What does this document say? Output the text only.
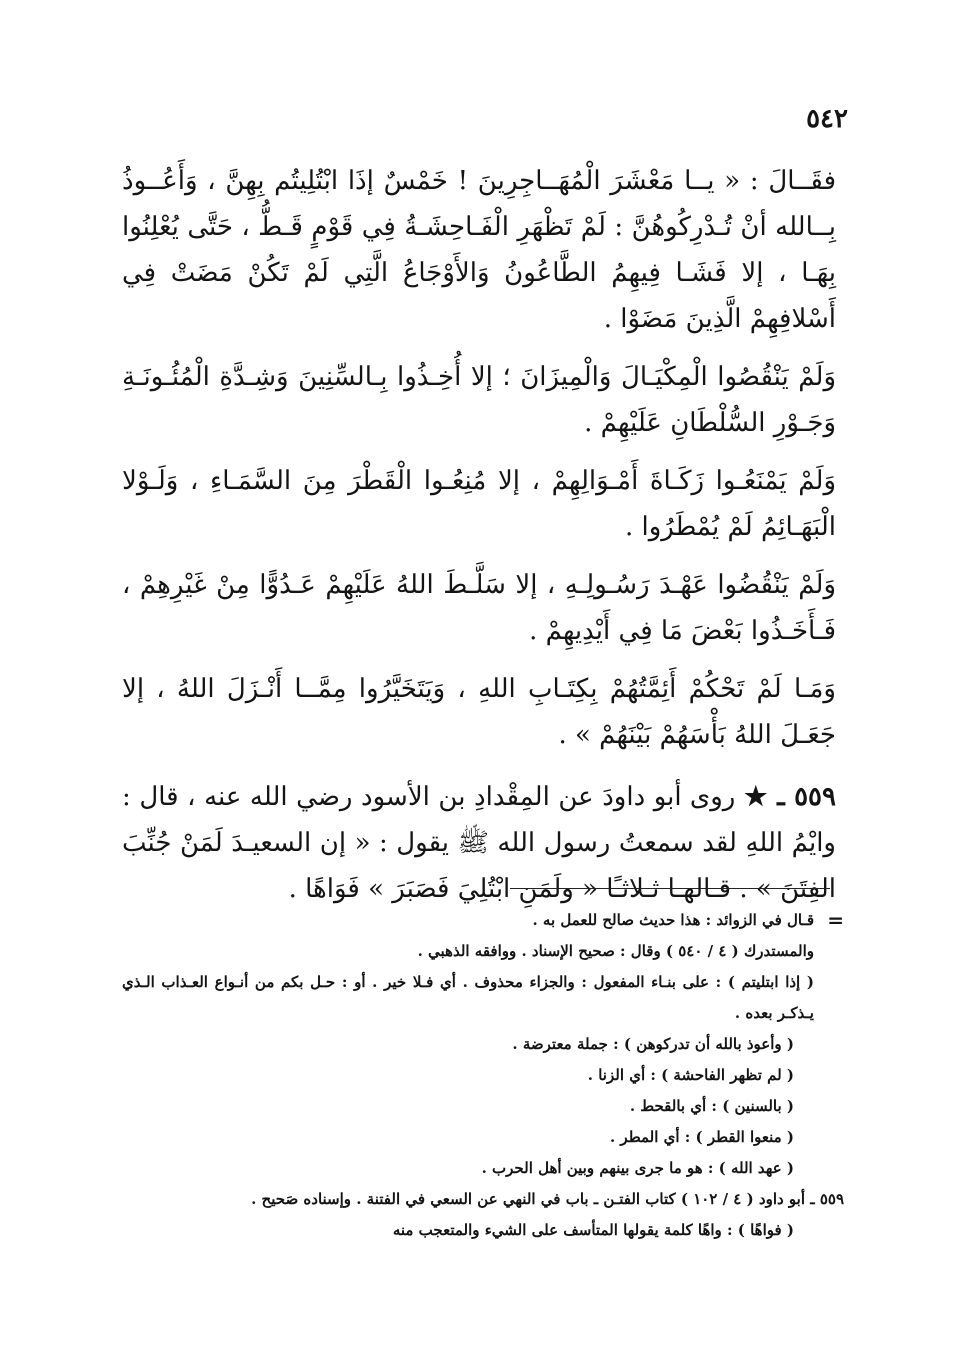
٥٤٢

فقَــالَ : « يــا مَعْشَرَ الْمُهَــاجِرِينَ ! خَمْسٌ إذَا ابْتُلِيتُم بِهِنَّ ، وَأَعُــوذُ بِــالله أنْ تُـدْرِكُوهُنَّ : لَمْ تَظْهَرِ الْفَـاحِشَـةُ فِي قَوْمٍ قَـطُّ ، حَتَّى يُعْلِنُوا بِهَـا ، إلا فَشَـا فِيهِمُ الطَّاعُونُ وَالأَوْجَاعُ الَّتِي لَمْ تَكُنْ مَضَتْ فِي أَسْلافِهِمْ الَّذِينَ مَضَوْا .

وَلَمْ يَنْقُصُوا الْمِكْيَـالَ وَالْمِيزَانَ ؛ إلا أُخِـذُوا بِـالسِّنِينَ وَشِـدَّةِ الْمُئُـونَـةِ وَجَـوْرِ السُّلْطَانِ عَلَيْهِمْ .

وَلَمْ يَمْنَعُـوا زَكَـاةَ أَمْـوَالِهِمْ ، إلا مُنِعُـوا الْقَطْرَ مِنَ السَّمَـاءِ ، وَلَـوْلا الْبَهَـائِمُ لَمْ يُمْطَرُوا .

وَلَمْ يَنْقُضُوا عَهْـدَ رَسُـولِـهِ ، إلا سَلَّـطَ اللهُ عَلَيْهِمْ عَـدُوًّا مِنْ غَيْرِهِمْ ، فَـأَخَـذُوا بَعْضَ مَا فِي أَيْدِيهِمْ .

وَمَـا لَمْ تَحْكُمْ أَئِمَّتُهُمْ بِكِتَـابِ اللهِ ، وَيَتَخَيَّرُوا مِمَّــا أَنْـزَلَ اللهُ ، إلا جَعَـلَ اللهُ بَأْسَهُمْ بَيْنَهُمْ » .

٥٥٩ ـ ★ روى أبو داودَ عن المِقْدادِ بن الأسود رضي الله عنه ، قال : وايْمُ اللهِ لقد سمعتُ رسول الله ﷺ يقول : « إن السعيـدَ لَمَنْ جُنِّبَ الفِتَنَ » . قـالهـا ثـلاثـًا « ولَمَنِ ابْتُلِيَ فَصَبَرَ » فَوَاهًا .

=

قـال في الزوائد : هذا حديث صالح للعمل به .

والمستدرك ( ٤ / ٥٤٠ ) وقال : صحيح الإسناد . ووافقه الذهبي .

( إذا ابتليتم ) : على بنـاء المفعول : والجزاء محذوف . أي فـلا خير . أو : حـل بكم من أنـواع العـذاب الـذي يـذكـر بعده .

( وأعوذ بالله أن تدركوهن ) : جملة معترضة .

( لم تظهر الفاحشة ) : أي الزنا .

( بالسنين ) : أي بالقحط .

( منعوا القطر ) : أي المطر .

( عهد الله ) : هو ما جرى بينهم وبين أهل الحرب .

٥٥٩ ـ أبو داود ( ٤ / ١٠٢ ) كتاب الفتـن ـ باب في النهي عن السعي في الفتنة . وإسناده صَحيح .

( فواهًا ) : واهًا كلمة يقولها المتأسف على الشيء والمتعجب منه
